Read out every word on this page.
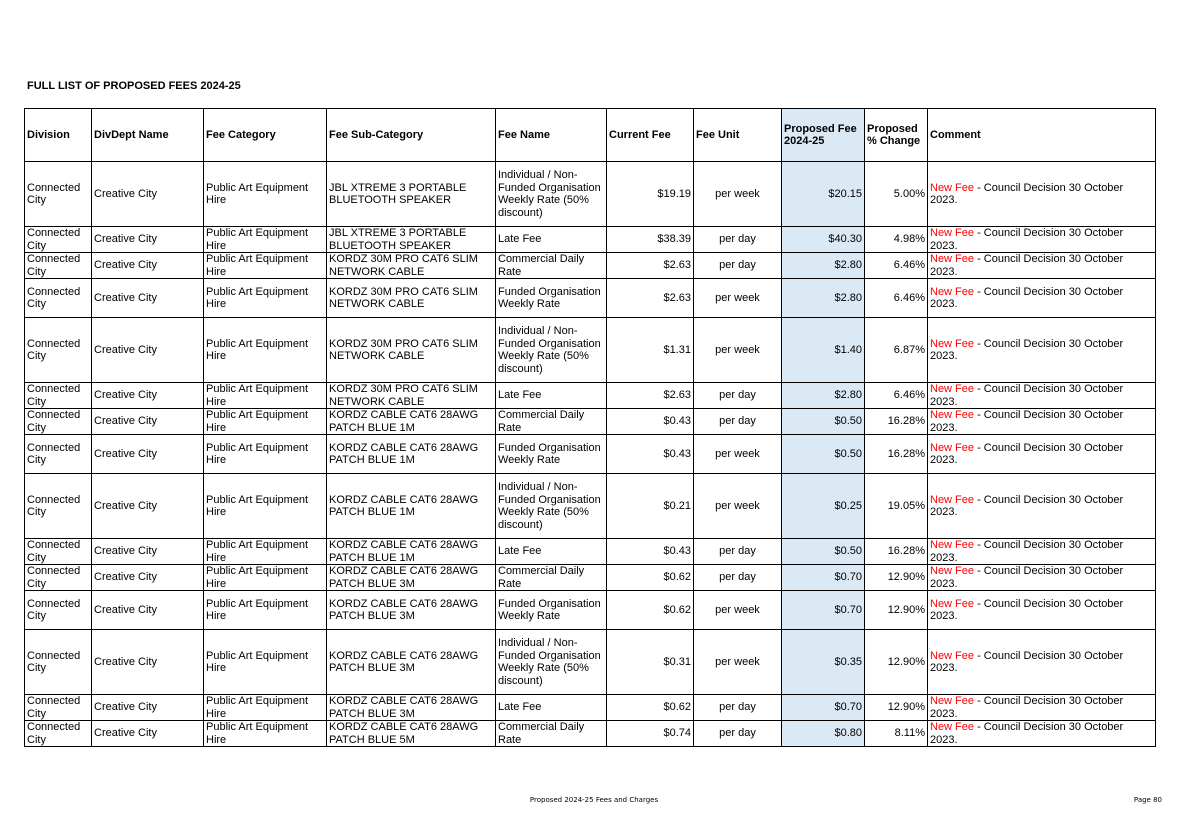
FULL LIST OF PROPOSED FEES 2024-25
Division	DivDept Name	Fee Category	Fee Sub-Category	Fee Name	Current Fee	Fee Unit	Proposed Fee 2024-25	Proposed % Change	Comment
Connected City	Creative City	Public Art Equipment Hire	JBL XTREME 3 PORTABLE BLUETOOTH SPEAKER	Individual / Non-Funded Organisation Weekly Rate (50% discount)	$19.19	per week	$20.15	5.00%	New Fee - Council Decision 30 October 2023.
Connected City	Creative City	Public Art Equipment Hire	JBL XTREME 3 PORTABLE BLUETOOTH SPEAKER	Late Fee	$38.39	per day	$40.30	4.98%	New Fee - Council Decision 30 October 2023.
Connected City	Creative City	Public Art Equipment Hire	KORDZ 30M PRO CAT6 SLIM NETWORK CABLE	Commercial Daily Rate	$2.63	per day	$2.80	6.46%	New Fee - Council Decision 30 October 2023.
Connected City	Creative City	Public Art Equipment Hire	KORDZ 30M PRO CAT6 SLIM NETWORK CABLE	Funded Organisation Weekly Rate	$2.63	per week	$2.80	6.46%	New Fee - Council Decision 30 October 2023.
Connected City	Creative City	Public Art Equipment Hire	KORDZ 30M PRO CAT6 SLIM NETWORK CABLE	Individual / Non-Funded Organisation Weekly Rate (50% discount)	$1.31	per week	$1.40	6.87%	New Fee - Council Decision 30 October 2023.
Connected City	Creative City	Public Art Equipment Hire	KORDZ 30M PRO CAT6 SLIM NETWORK CABLE	Late Fee	$2.63	per day	$2.80	6.46%	New Fee - Council Decision 30 October 2023.
Connected City	Creative City	Public Art Equipment Hire	KORDZ CABLE CAT6 28AWG PATCH BLUE 1M	Commercial Daily Rate	$0.43	per day	$0.50	16.28%	New Fee - Council Decision 30 October 2023.
Connected City	Creative City	Public Art Equipment Hire	KORDZ CABLE CAT6 28AWG PATCH BLUE 1M	Funded Organisation Weekly Rate	$0.43	per week	$0.50	16.28%	New Fee - Council Decision 30 October 2023.
Connected City	Creative City	Public Art Equipment Hire	KORDZ CABLE CAT6 28AWG PATCH BLUE 1M	Individual / Non-Funded Organisation Weekly Rate (50% discount)	$0.21	per week	$0.25	19.05%	New Fee - Council Decision 30 October 2023.
Connected City	Creative City	Public Art Equipment Hire	KORDZ CABLE CAT6 28AWG PATCH BLUE 1M	Late Fee	$0.43	per day	$0.50	16.28%	New Fee - Council Decision 30 October 2023.
Connected City	Creative City	Public Art Equipment Hire	KORDZ CABLE CAT6 28AWG PATCH BLUE 3M	Commercial Daily Rate	$0.62	per day	$0.70	12.90%	New Fee - Council Decision 30 October 2023.
Connected City	Creative City	Public Art Equipment Hire	KORDZ CABLE CAT6 28AWG PATCH BLUE 3M	Funded Organisation Weekly Rate	$0.62	per week	$0.70	12.90%	New Fee - Council Decision 30 October 2023.
Connected City	Creative City	Public Art Equipment Hire	KORDZ CABLE CAT6 28AWG PATCH BLUE 3M	Individual / Non-Funded Organisation Weekly Rate (50% discount)	$0.31	per week	$0.35	12.90%	New Fee - Council Decision 30 October 2023.
Connected City	Creative City	Public Art Equipment Hire	KORDZ CABLE CAT6 28AWG PATCH BLUE 3M	Late Fee	$0.62	per day	$0.70	12.90%	New Fee - Council Decision 30 October 2023.
Connected City	Creative City	Public Art Equipment Hire	KORDZ CABLE CAT6 28AWG PATCH BLUE 5M	Commercial Daily Rate	$0.74	per day	$0.80	8.11%	New Fee - Council Decision 30 October 2023.
Proposed 2024-25 Fees and Charges	Page 80
